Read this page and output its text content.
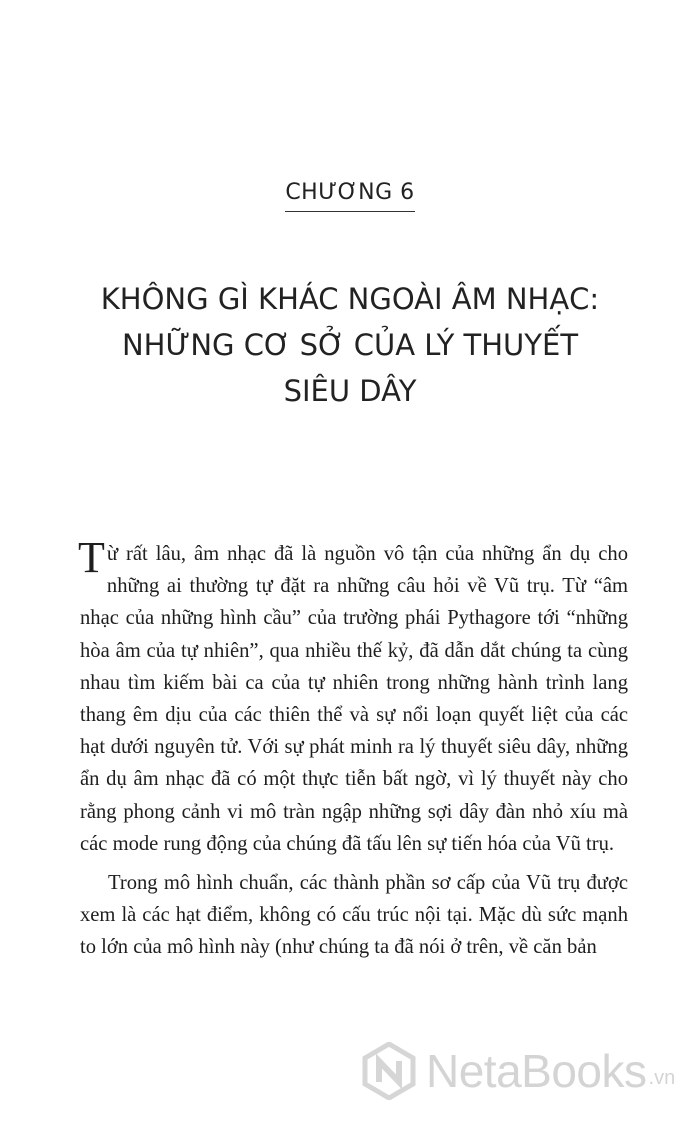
CHƯƠNG 6
KHÔNG GÌ KHÁC NGOÀI ÂM NHẠC:
NHỮNG CƠ SỞ CỦA LÝ THUYẾT
SIÊU DÂY

Từ rất lâu, âm nhạc đã là nguồn vô tận của những ẩn dụ cho những ai thường tự đặt ra những câu hỏi về Vũ trụ. Từ “âm nhạc của những hình cầu” của trường phái Pythagore tới “những hòa âm của tự nhiên”, qua nhiều thế kỷ, đã dẫn dắt chúng ta cùng nhau tìm kiếm bài ca của tự nhiên trong những hành trình lang thang êm dịu của các thiên thể và sự nổi loạn quyết liệt của các hạt dưới nguyên tử. Với sự phát minh ra lý thuyết siêu dây, những ẩn dụ âm nhạc đã có một thực tiễn bất ngờ, vì lý thuyết này cho rằng phong cảnh vi mô tràn ngập những sợi dây đàn nhỏ xíu mà các mode rung động của chúng đã tấu lên sự tiến hóa của Vũ trụ.

Trong mô hình chuẩn, các thành phần sơ cấp của Vũ trụ được xem là các hạt điểm, không có cấu trúc nội tại. Mặc dù sức mạnh to lớn của mô hình này (như chúng ta đã nói ở trên, về căn bản

NetaBooks .vn
